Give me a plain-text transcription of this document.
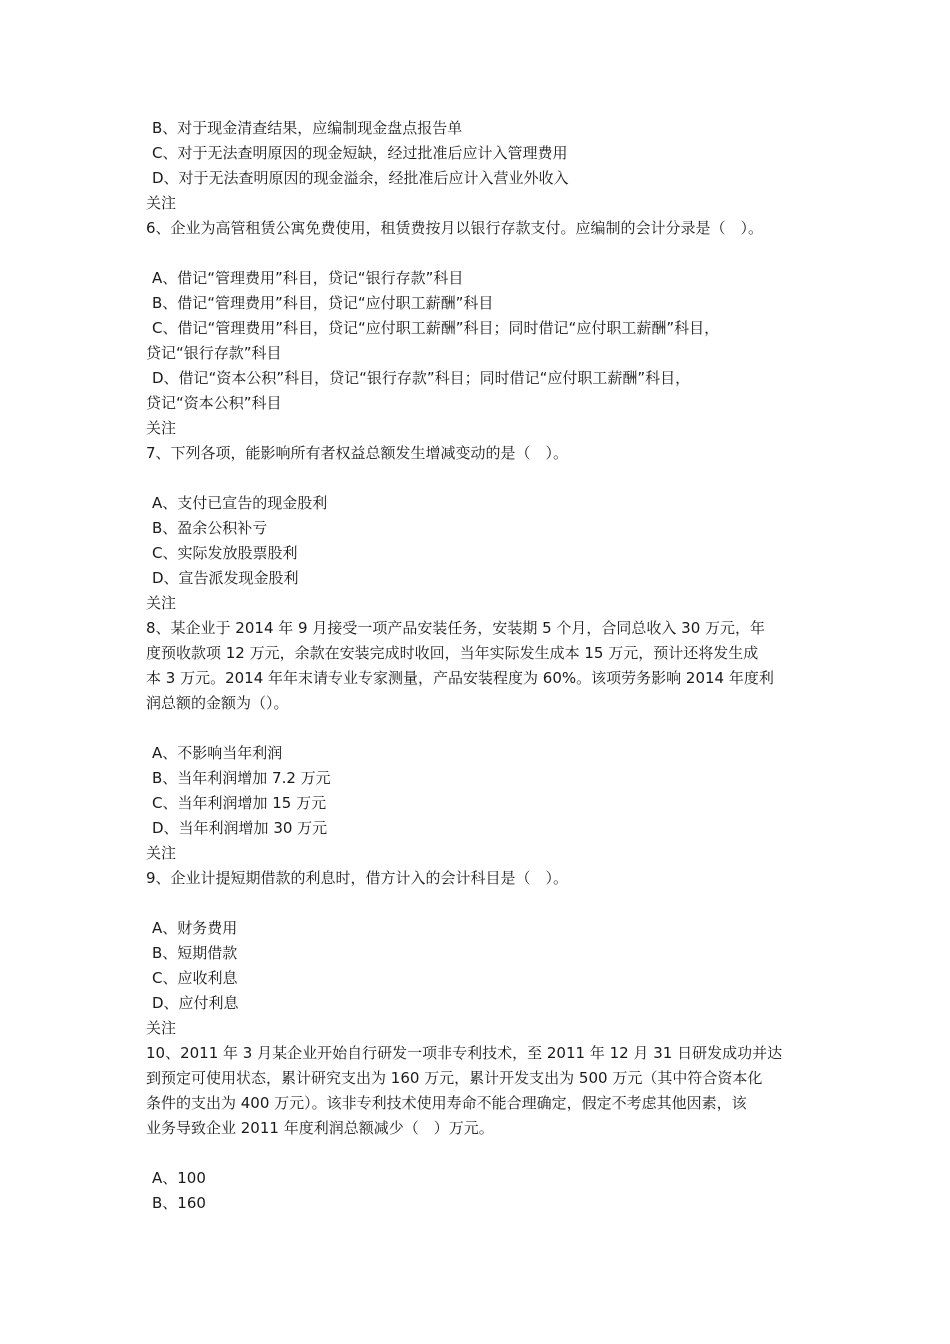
B、对于现金清查结果，应编制现金盘点报告单
C、对于无法查明原因的现金短缺，经过批准后应计入管理费用
D、对于无法查明原因的现金溢余，经批准后应计入营业外收入
关注
6、企业为高管租赁公寓免费使用，租赁费按月以银行存款支付。应编制的会计分录是（　）。
A、借记“管理费用”科目，贷记“银行存款”科目
B、借记“管理费用”科目，贷记“应付职工薪酬”科目
C、借记“管理费用”科目，贷记“应付职工薪酬”科目；同时借记“应付职工薪酬”科目，
贷记“银行存款”科目
D、借记“资本公积”科目，贷记“银行存款”科目；同时借记“应付职工薪酬”科目，
贷记“资本公积”科目
关注
7、下列各项，能影响所有者权益总额发生增减变动的是（　）。
A、支付已宣告的现金股利
B、盈余公积补亏
C、实际发放股票股利
D、宣告派发现金股利
关注
8、某企业于 2014 年 9 月接受一项产品安装任务，安装期 5 个月，合同总收入 30 万元，年
度预收款项 12 万元，余款在安装完成时收回，当年实际发生成本 15 万元，预计还将发生成
本 3 万元。2014 年年末请专业专家测量，产品安装程度为 60%。该项劳务影响 2014 年度利
润总额的金额为（）。
A、不影响当年利润
B、当年利润增加 7.2 万元
C、当年利润增加 15 万元
D、当年利润增加 30 万元
关注
9、企业计提短期借款的利息时，借方计入的会计科目是（　）。
A、财务费用
B、短期借款
C、应收利息
D、应付利息
关注
10、2011 年 3 月某企业开始自行研发一项非专利技术，至 2011 年 12 月 31 日研发成功并达
到预定可使用状态，累计研究支出为 160 万元，累计开发支出为 500 万元（其中符合资本化
条件的支出为 400 万元）。该非专利技术使用寿命不能合理确定，假定不考虑其他因素，该
业务导致企业 2011 年度利润总额减少（　）万元。
A、100
B、160
